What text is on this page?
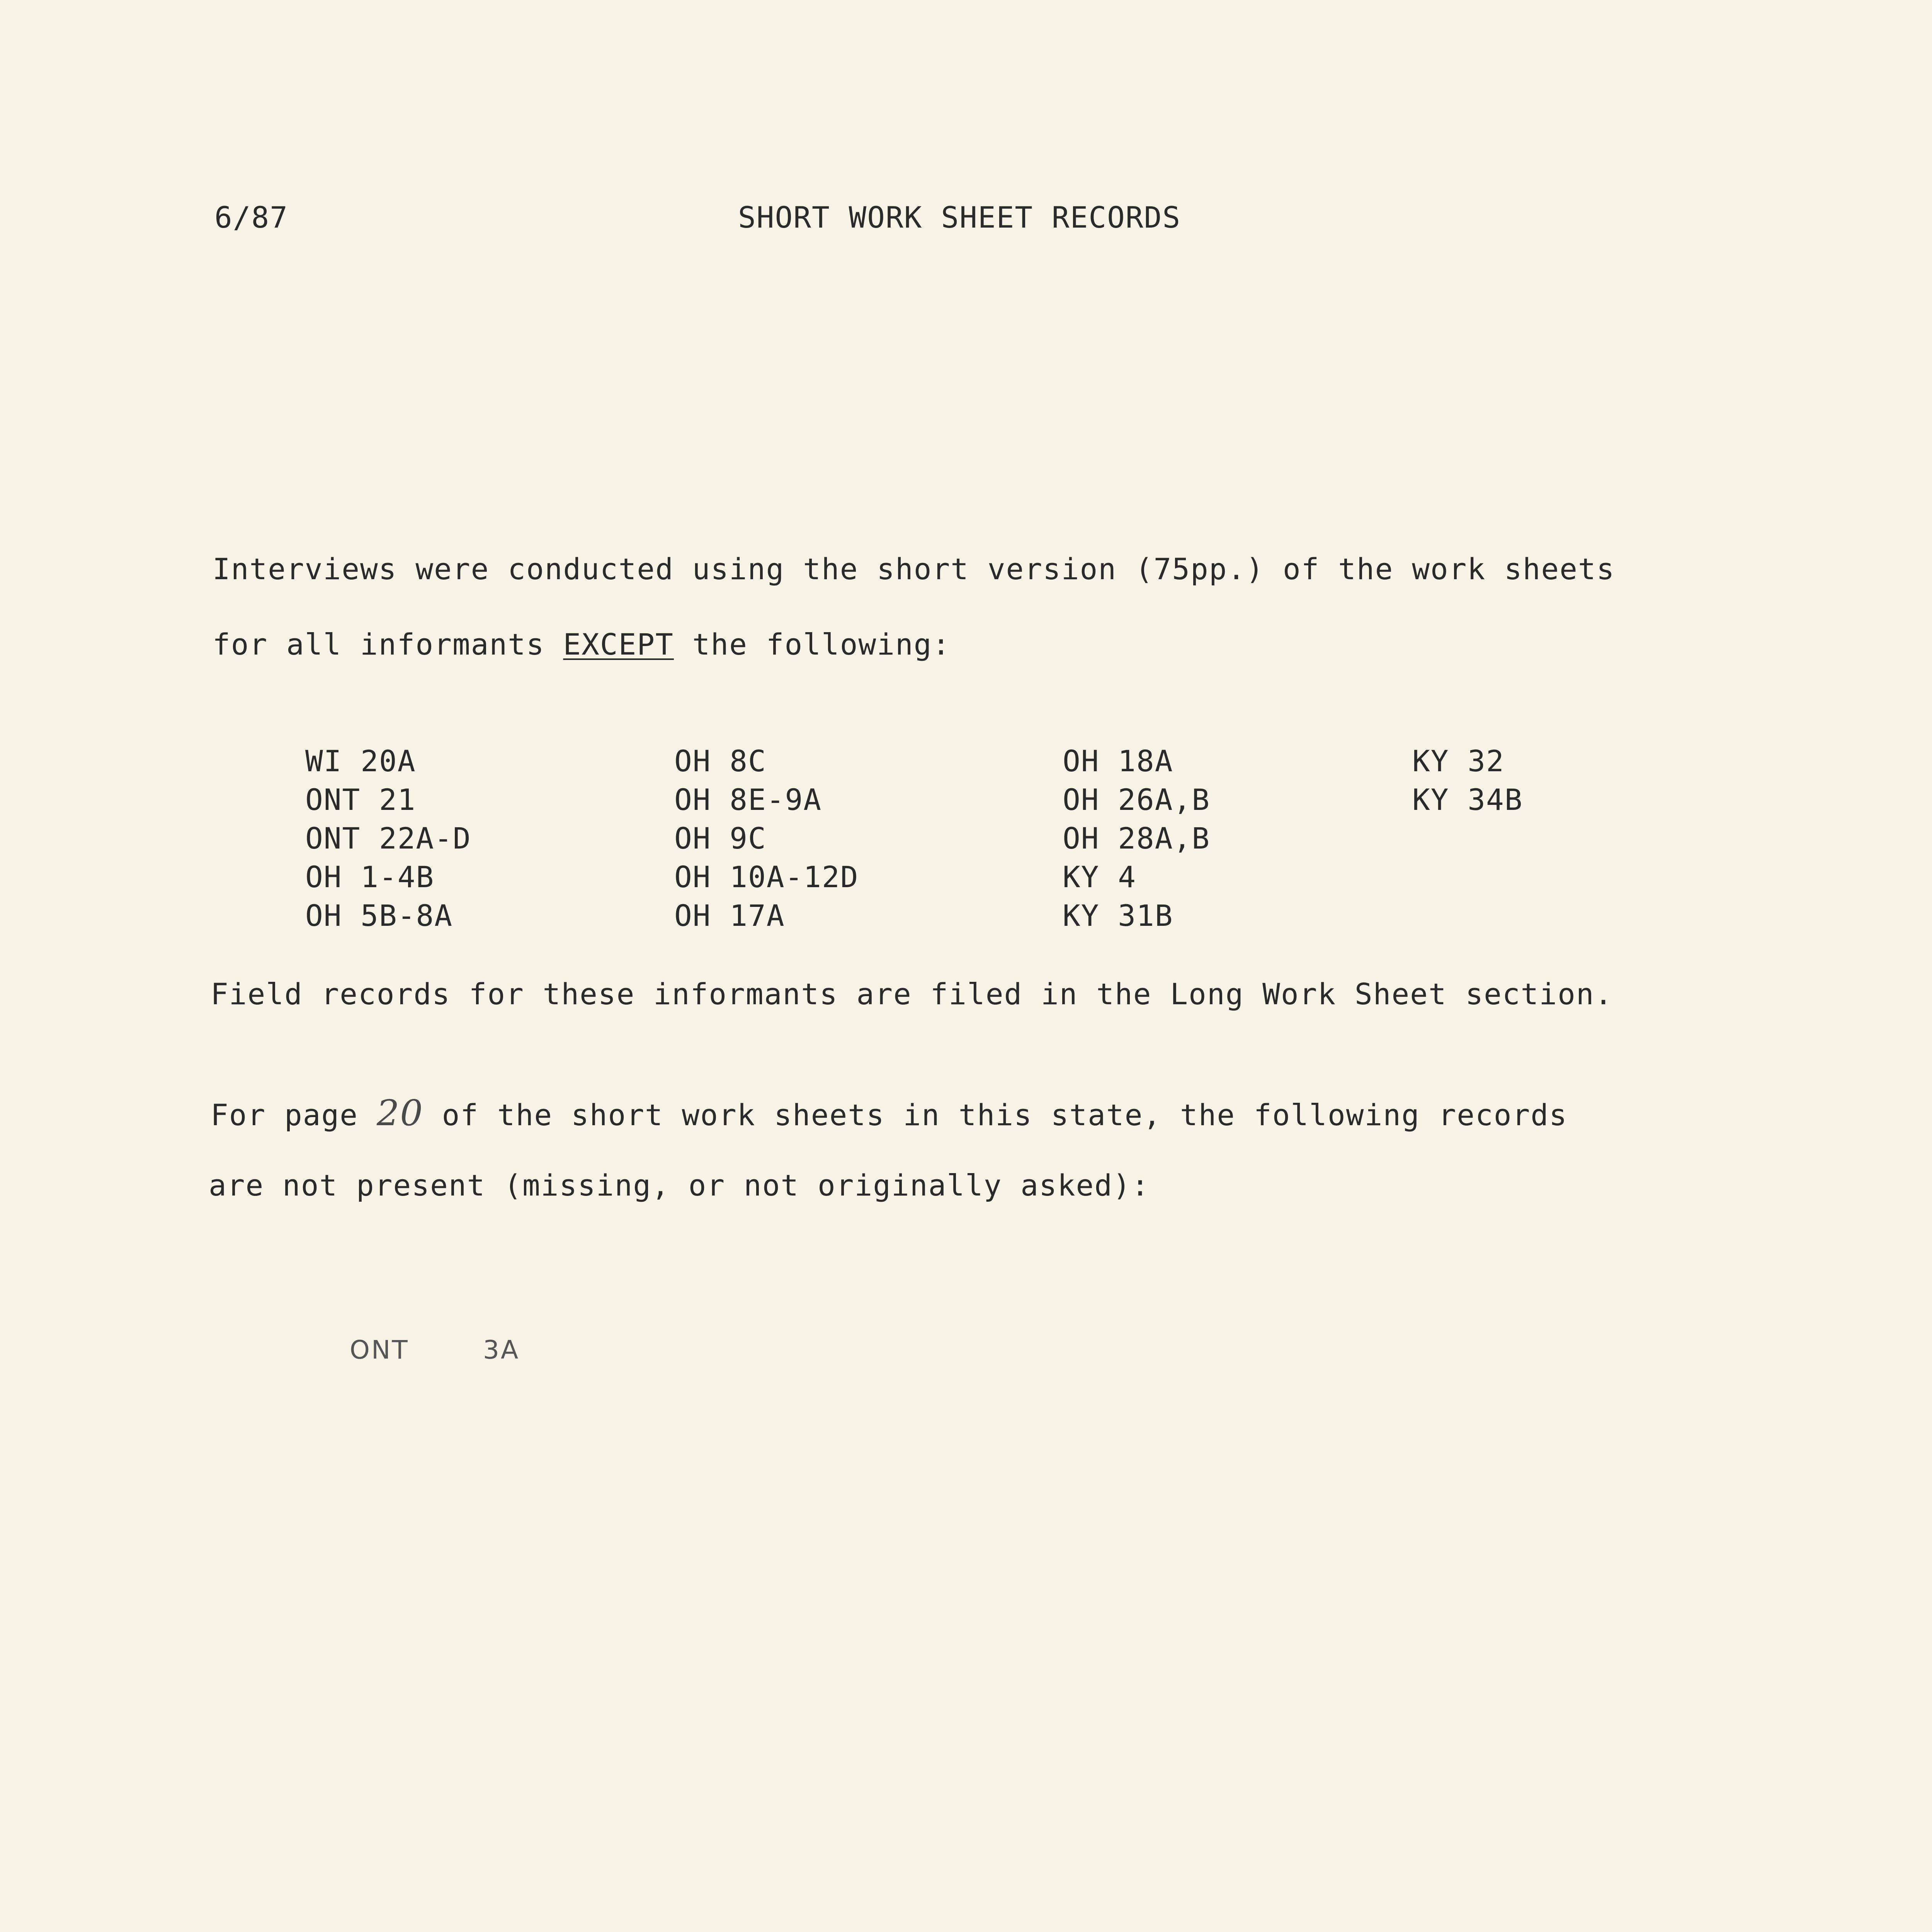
6/87	SHORT WORK SHEET RECORDS
Interviews were conducted using the short version (75pp.) of the work sheets
for all informants EXCEPT the following:
WI 20A
ONT 21
ONT 22A-D
OH 1-4B
OH 5B-8A
OH 8C
OH 8E-9A
OH 9C
OH 10A-12D
OH 17A
OH 18A
OH 26A,B
OH 28A,B
KY 4
KY 31B
KY 32
KY 34B
Field records for these informants are filed in the Long Work Sheet section.
For page 20 of the short work sheets in this state, the following records
are not present (missing, or not originally asked):
ONT	3A
